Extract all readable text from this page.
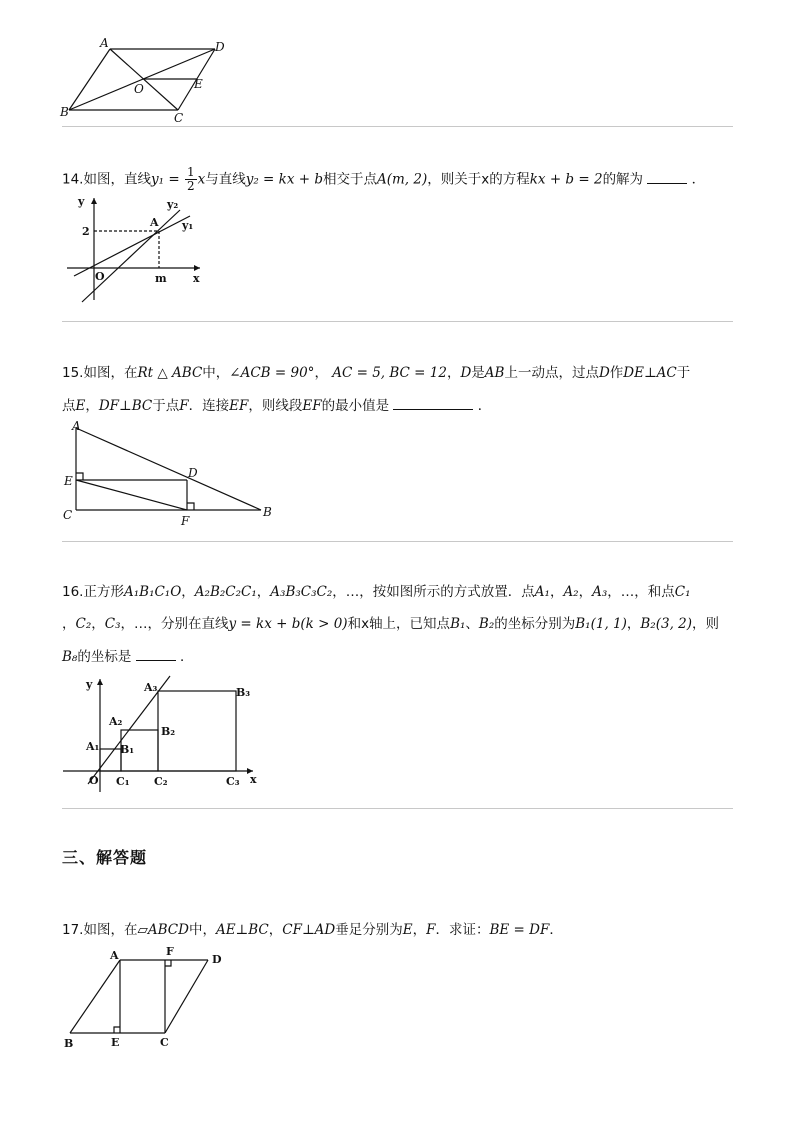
A	D
O	E
B	C
14.如图，直线$y_1 = \frac{1}{2}$ x与直线y₂ = kx + b相交于点A(m, 2)，则关于x的方程kx + b = 2的解为	．
y
x
2
A
O	m
y₁
y₂
15.如图，在Rt △ ABC中，∠ACB = 90°， AC = 5, BC = 12，D是AB上一动点，过点D作DE⊥AC于
点E，DF⊥BC于点F．连接EF，则线段EF的最小值是	．
A
D
E
C	F
B
16.正方形A₁B₁C₁O，A₂B₂C₂C₁，A₃B₃C₃C₂，…，按如图所示的方式放置．点A₁，A₂，A₃，…，和点C₁
，C₂，C₃，…，分别在直线y = kx + b(k > 0)和x轴上，已知点B₁、B₂的坐标分别为B₁(1, 1)，B₂(3, 2)，则
B₈的坐标是	．
y
x
O C₁ C₂	C₃
A₁
A₂
A₃
B₁
B₂
B₃
三、解答题
17.如图，在▱ABCD中，AE⊥BC，CF⊥AD垂足分别为E，F．求证：BE = DF．
A	F
D
B	E	C
